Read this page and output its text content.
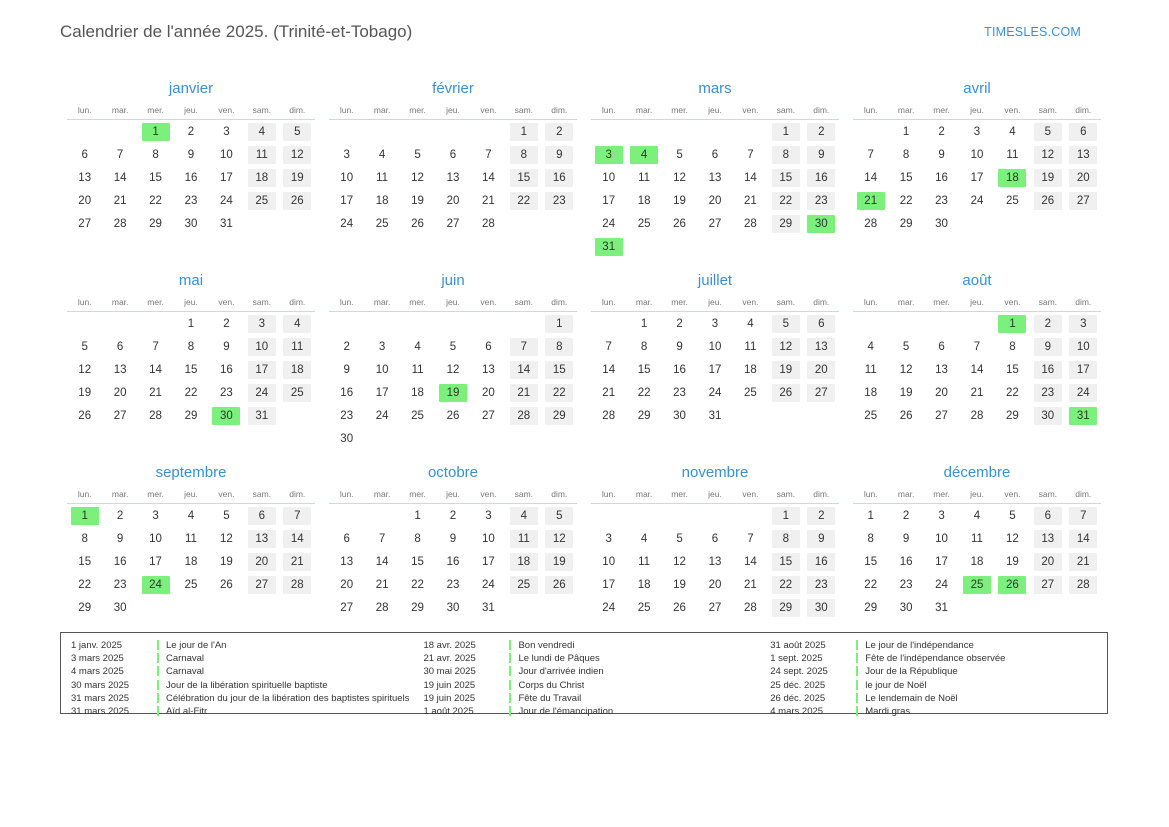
Calendrier de l'année 2025. (Trinité-et-Tobago)	TIMESLES.COM
janvier
lun.	mar.	mer.	jeu.	ven.	sam.	dim.

		1	2	3	4	5

6	7	8	9	10	11	12

13	14	15	16	17	18	19

20	21	22	23	24	25	26

27	28	29	30	31		

février
lun.	mar.	mer.	jeu.	ven.	sam.	dim.

					1	2

3	4	5	6	7	8	9

10	11	12	13	14	15	16

17	18	19	20	21	22	23

24	25	26	27	28		

mars
lun.	mar.	mer.	jeu.	ven.	sam.	dim.

					1	2

3	4	5	6	7	8	9

10	11	12	13	14	15	16

17	18	19	20	21	22	23

24	25	26	27	28	29	30

31						

avril
lun.	mar.	mer.	jeu.	ven.	sam.	dim.

	1	2	3	4	5	6

7	8	9	10	11	12	13

14	15	16	17	18	19	20

21	22	23	24	25	26	27

28	29	30				

mai
lun.	mar.	mer.	jeu.	ven.	sam.	dim.

			1	2	3	4

5	6	7	8	9	10	11

12	13	14	15	16	17	18

19	20	21	22	23	24	25

26	27	28	29	30	31	

juin
lun.	mar.	mer.	jeu.	ven.	sam.	dim.

						1

2	3	4	5	6	7	8

9	10	11	12	13	14	15

16	17	18	19	20	21	22

23	24	25	26	27	28	29

30						

juillet
lun.	mar.	mer.	jeu.	ven.	sam.	dim.

	1	2	3	4	5	6

7	8	9	10	11	12	13

14	15	16	17	18	19	20

21	22	23	24	25	26	27

28	29	30	31			

août
lun.	mar.	mer.	jeu.	ven.	sam.	dim.

				1	2	3

4	5	6	7	8	9	10

11	12	13	14	15	16	17

18	19	20	21	22	23	24

25	26	27	28	29	30	31
septembre
lun.	mar.	mer.	jeu.	ven.	sam.	dim.

1	2	3	4	5	6	7

8	9	10	11	12	13	14

15	16	17	18	19	20	21

22	23	24	25	26	27	28

29	30					

octobre
lun.	mar.	mer.	jeu.	ven.	sam.	dim.

		1	2	3	4	5

6	7	8	9	10	11	12

13	14	15	16	17	18	19

20	21	22	23	24	25	26

27	28	29	30	31		

novembre
lun.	mar.	mer.	jeu.	ven.	sam.	dim.

					1	2

3	4	5	6	7	8	9

10	11	12	13	14	15	16

17	18	19	20	21	22	23

24	25	26	27	28	29	30
décembre
lun.	mar.	mer.	jeu.	ven.	sam.	dim.

1	2	3	4	5	6	7

8	9	10	11	12	13	14

15	16	17	18	19	20	21

22	23	24	25	26	27	28

29	30	31				

1 janv. 2025	Le jour de l'An
3 mars 2025	Carnaval
4 mars 2025	Carnaval
30 mars 2025	Jour de la libération spirituelle baptiste
31 mars 2025	Célébration du jour de la libération des baptistes spirituels
31 mars 2025	Aïd al-Fitr
18 avr. 2025	Bon vendredi
21 avr. 2025	Le lundi de Pâques
30 mai 2025	Jour d'arrivée indien
19 juin 2025	Corps du Christ
19 juin 2025	Fête du Travail
1 août 2025	Jour de l'émancipation
31 août 2025	Le jour de l'indépendance
1 sept. 2025	Fête de l'indépendance observée
24 sept. 2025	Jour de la République
25 déc. 2025	le jour de Noël
26 déc. 2025	Le lendemain de Noël
4 mars 2025	Mardi gras
